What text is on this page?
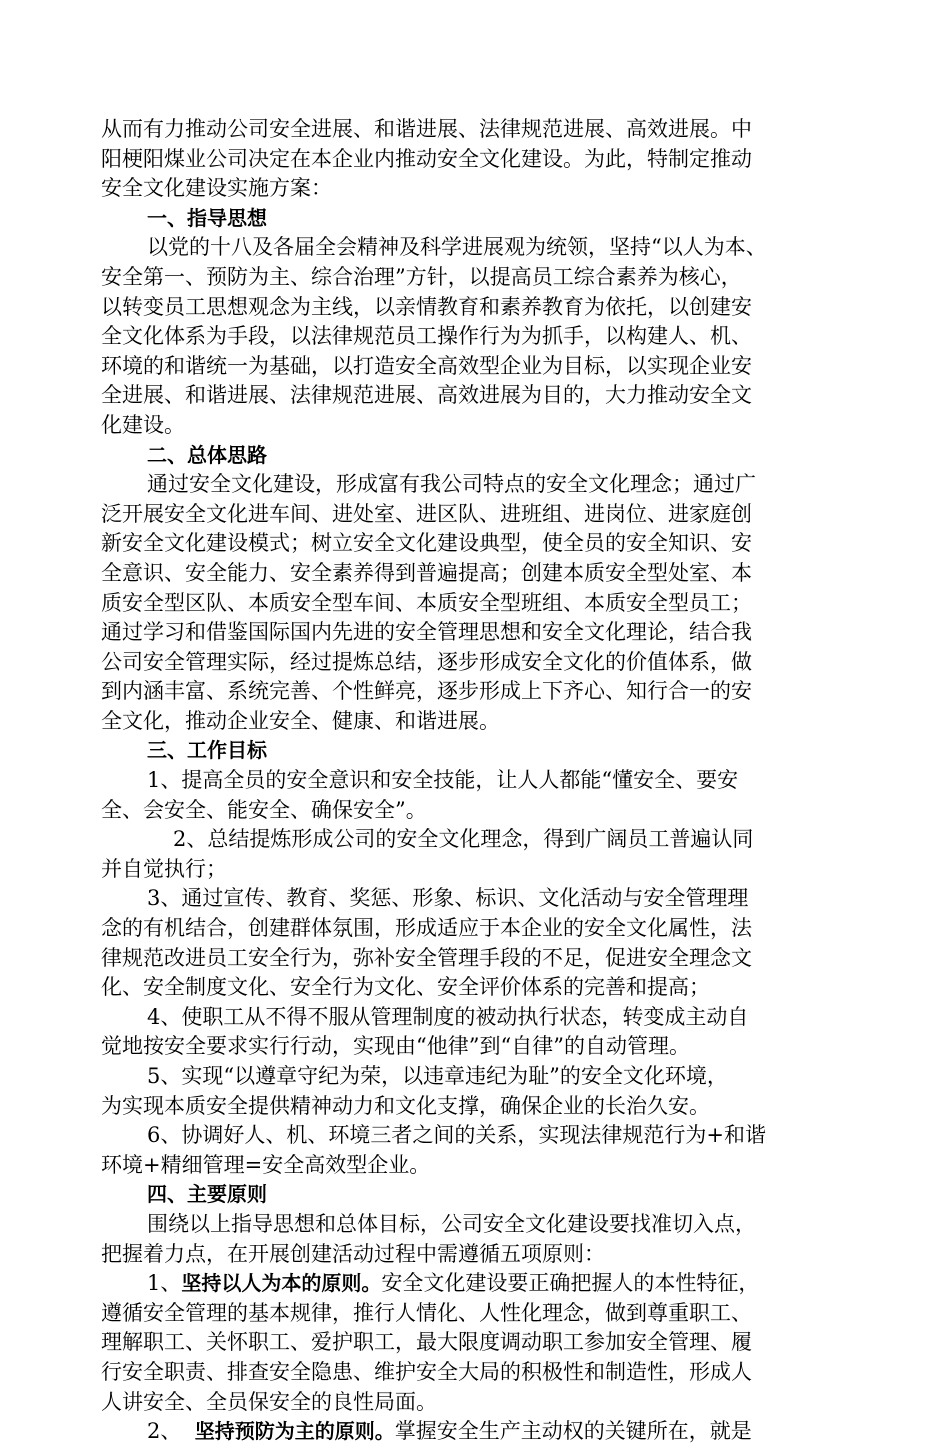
从而有力推动公司安全进展、和谐进展、法律规范进展、高效进展。中
阳梗阳煤业公司决定在本企业内推动安全文化建设。为此，特制定推动
安全文化建设实施方案：
一、指导思想
以党的十八及各届全会精神及科学进展观为统领，坚持“以人为本、
安全第一、预防为主、综合治理”方针，以提高员工综合素养为核心，
以转变员工思想观念为主线，以亲情教育和素养教育为依托，以创建安
全文化体系为手段，以法律规范员工操作行为为抓手，以构建人、机、
环境的和谐统一为基础，以打造安全高效型企业为目标，以实现企业安
全进展、和谐进展、法律规范进展、高效进展为目的，大力推动安全文
化建设。
二、总体思路
通过安全文化建设，形成富有我公司特点的安全文化理念；通过广
泛开展安全文化进车间、进处室、进区队、进班组、进岗位、进家庭创
新安全文化建设模式；树立安全文化建设典型，使全员的安全知识、安
全意识、安全能力、安全素养得到普遍提高；创建本质安全型处室、本
质安全型区队、本质安全型车间、本质安全型班组、本质安全型员工；
通过学习和借鉴国际国内先进的安全管理思想和安全文化理论，结合我
公司安全管理实际，经过提炼总结，逐步形成安全文化的价值体系，做
到内涵丰富、系统完善、个性鲜亮，逐步形成上下齐心、知行合一的安
全文化，推动企业安全、健康、和谐进展。
三、工作目标
1、提高全员的安全意识和安全技能，让人人都能“懂安全、要安
全、会安全、能安全、确保安全”。
2、总结提炼形成公司的安全文化理念，得到广阔员工普遍认同
并自觉执行；
3、通过宣传、教育、奖惩、形象、标识、文化活动与安全管理理
念的有机结合，创建群体氛围，形成适应于本企业的安全文化属性，法
律规范改进员工安全行为，弥补安全管理手段的不足，促进安全理念文
化、安全制度文化、安全行为文化、安全评价体系的完善和提高；
4、使职工从不得不服从管理制度的被动执行状态，转变成主动自
觉地按安全要求实行行动，实现由“他律”到“自律”的自动管理。
5、实现“以遵章守纪为荣，以违章违纪为耻”的安全文化环境，
为实现本质安全提供精神动力和文化支撑，确保企业的长治久安。
6、协调好人、机、环境三者之间的关系，实现法律规范行为+和谐
环境+精细管理=安全高效型企业。
四、主要原则
围绕以上指导思想和总体目标，公司安全文化建设要找准切入点，
把握着力点，在开展创建活动过程中需遵循五项原则：
1、坚持以人为本的原则。安全文化建设要正确把握人的本性特征，
遵循安全管理的基本规律，推行人情化、人性化理念，做到尊重职工、
理解职工、关怀职工、爱护职工，最大限度调动职工参加安全管理、履
行安全职责、排查安全隐患、维护安全大局的积极性和制造性，形成人
人讲安全、全员保安全的良性局面。
2、  坚持预防为主的原则。掌握安全生产主动权的关键所在，就是
